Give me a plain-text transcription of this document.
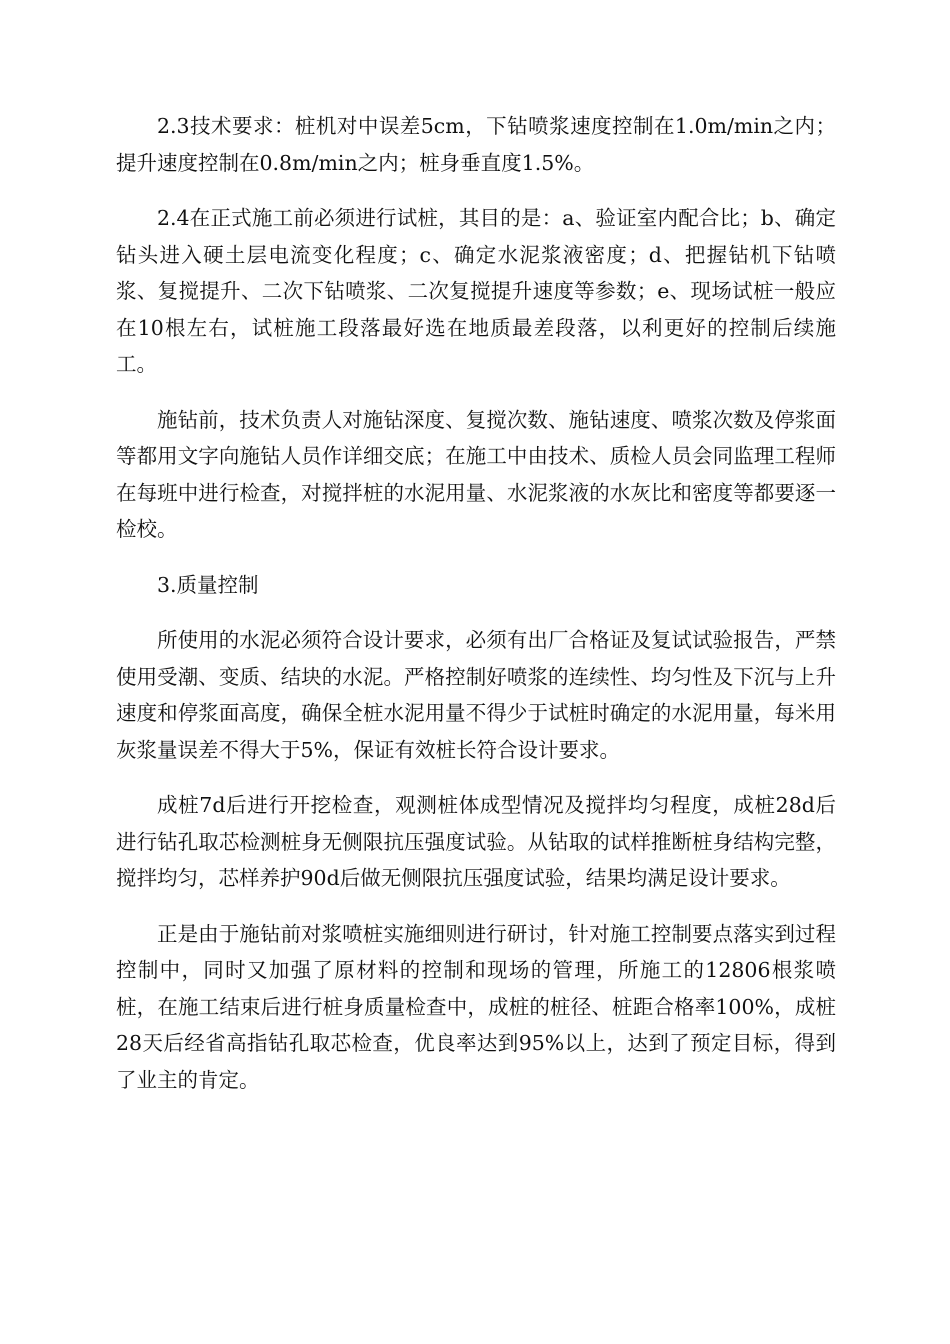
2.3技术要求：桩机对中误差5cm，下钻喷浆速度控制在1.0m/min之内；提升速度控制在0.8m/min之内；桩身垂直度1.5%。

2.4在正式施工前必须进行试桩，其目的是：a、验证室内配合比；b、确定钻头进入硬土层电流变化程度；c、确定水泥浆液密度；d、把握钻机下钻喷浆、复搅提升、二次下钻喷浆、二次复搅提升速度等参数；e、现场试桩一般应在10根左右，试桩施工段落最好选在地质最差段落，以利更好的控制后续施工。

施钻前，技术负责人对施钻深度、复搅次数、施钻速度、喷浆次数及停浆面等都用文字向施钻人员作详细交底；在施工中由技术、质检人员会同监理工程师在每班中进行检查，对搅拌桩的水泥用量、水泥浆液的水灰比和密度等都要逐一检校。

3.质量控制

所使用的水泥必须符合设计要求，必须有出厂合格证及复试试验报告，严禁使用受潮、变质、结块的水泥。严格控制好喷浆的连续性、均匀性及下沉与上升速度和停浆面高度，确保全桩水泥用量不得少于试桩时确定的水泥用量，每米用灰浆量误差不得大于5%，保证有效桩长符合设计要求。

成桩7d后进行开挖检查，观测桩体成型情况及搅拌均匀程度，成桩28d后进行钻孔取芯检测桩身无侧限抗压强度试验。从钻取的试样推断桩身结构完整，搅拌均匀，芯样养护90d后做无侧限抗压强度试验，结果均满足设计要求。

正是由于施钻前对浆喷桩实施细则进行研讨，针对施工控制要点落实到过程控制中，同时又加强了原材料的控制和现场的管理，所施工的12806根浆喷桩，在施工结束后进行桩身质量检查中，成桩的桩径、桩距合格率100%，成桩28天后经省高指钻孔取芯检查，优良率达到95%以上，达到了预定目标，得到了业主的肯定。
